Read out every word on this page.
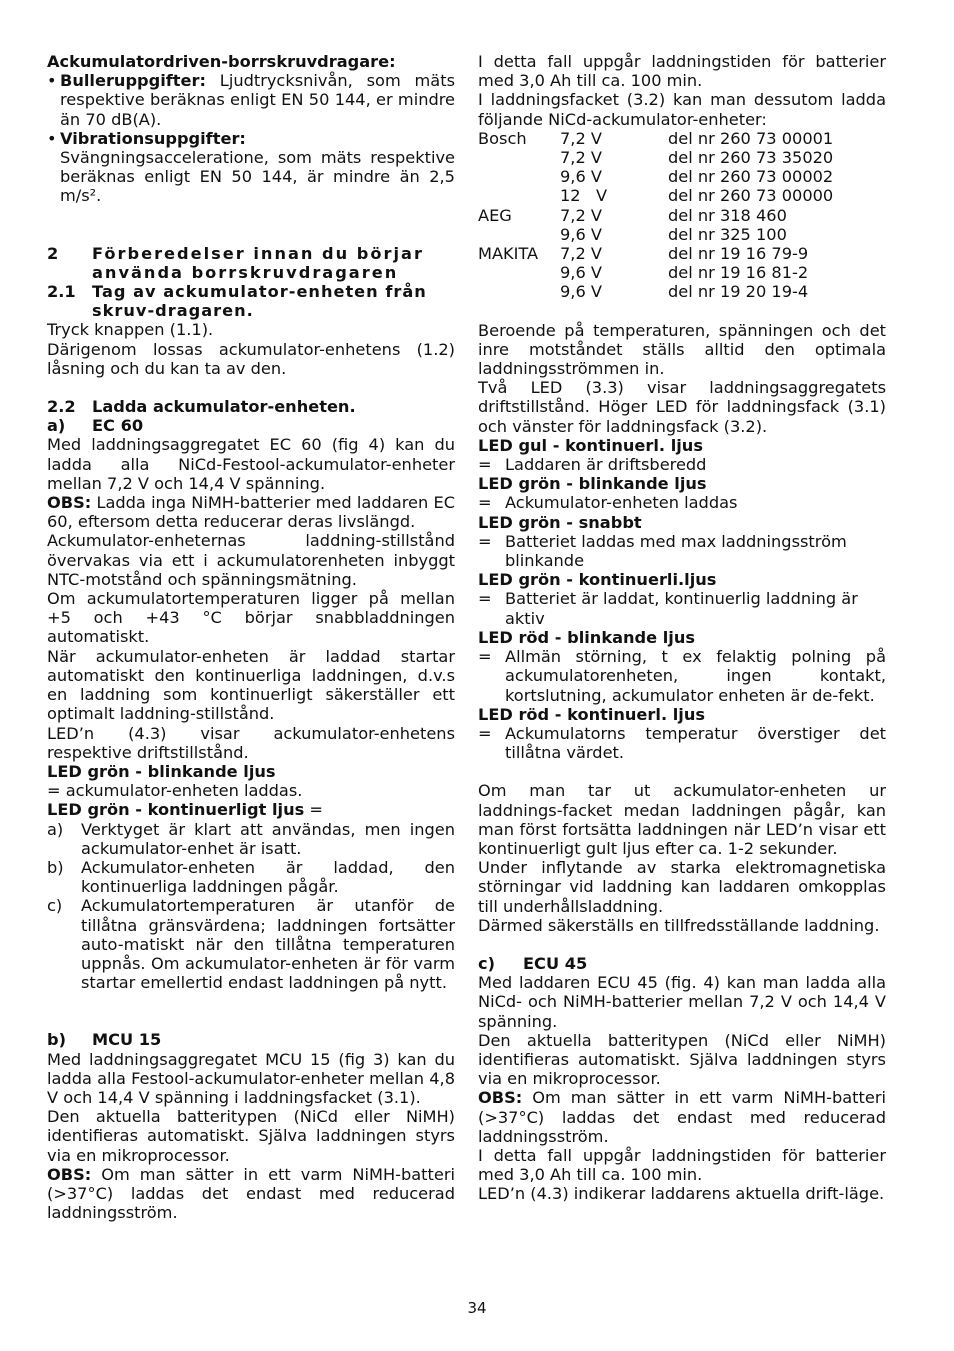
Ackumulatordriven-borrskruvdragare:

• Bulleruppgifter: Ljudtrycksnivån, som mäts respektive beräknas enligt EN 50 144, er mindre än 70 dB(A).

• Vibrationsuppgifter: Svängningsacceleratione, som mäts respektive beräknas enligt EN 50 144, är mindre än 2,5 m/s².

2	Förberedelser innan du börjar använda borrskruvdragaren
2.1	Tag av ackumulator-enheten från skruv-dragaren.

Tryck knappen (1.1).

Därigenom lossas ackumulator-enhetens (1.2) låsning och du kan ta av den.

2.2	Ladda ackumulator-enheten.
a)	EC 60

Med laddningsaggregatet EC 60 (fig 4) kan du ladda alla NiCd-Festool-ackumulator-enheter mellan 7,2 V och 14,4 V spänning.

OBS: Ladda inga NiMH-batterier med laddaren EC 60, eftersom detta reducerar deras livslängd.

Ackumulator-enheternas laddning-stillstånd övervakas via ett i ackumulatorenheten inbyggt NTC-motstånd och spänningsmätning.

Om ackumulatortemperaturen ligger på mellan +5 och +43 °C börjar snabbladdningen automatiskt.

När ackumulator-enheten är laddad startar automatiskt den kontinuerliga laddningen, d.v.s en laddning som kontinuerligt säkerställer ett optimalt laddning-stillstånd.

LED’n (4.3) visar ackumulator-enhetens respektive driftstillstånd.

LED grön - blinkande ljus

= ackumulator-enheten laddas.

LED grön - kontinuerligt ljus =

a)	Verktyget är klart att användas, men ingen ackumulator-enhet är isatt.
b)	Ackumulator-enheten är laddad, den kontinuerliga laddningen pågår.
c)	Ackumulatortemperaturen är utanför de tillåtna gränsvärdena; laddningen fortsätter auto-matiskt när den tillåtna temperaturen uppnås. Om ackumulator-enheten är för varm startar emellertid endast laddningen på nytt.
b)	MCU 15

Med laddningsaggregatet MCU 15 (fig 3) kan du ladda alla Festool-ackumulator-enheter mellan 4,8 V och 14,4 V spänning i laddningsfacket (3.1).

Den aktuella batteritypen (NiCd eller NiMH) identifieras automatiskt. Själva laddningen styrs via en mikroprocessor.

OBS: Om man sätter in ett varm NiMH-batteri (>37°C) laddas det endast med reducerad laddningsström.

I detta fall uppgår laddningstiden för batterier med 3,0 Ah till ca. 100 min.

I laddningsfacket (3.2) kan man dessutom ladda följande NiCd-ackumulator-enheter:

Bosch	7,2 V	del nr 260 73 00001
	7,2 V	del nr 260 73 35020
	9,6 V	del nr 260 73 00002
	12   V	del nr 260 73 00000
AEG	7,2 V	del nr 318 460
	9,6 V	del nr 325 100
MAKITA	7,2 V	del nr 19 16 79-9
	9,6 V	del nr 19 16 81-2
	9,6 V	del nr 19 20 19-4

Beroende på temperaturen, spänningen och det inre motståndet ställs alltid den optimala laddningsströmmen in.

Två LED (3.3) visar laddningsaggregatets driftstillstånd. Höger LED för laddningsfack (3.1) och vänster för laddningsfack (3.2).

LED gul - kontinuerl. ljus

= Laddaren är driftsberedd

LED grön - blinkande ljus

= Ackumulator-enheten laddas

LED grön - snabbt

= Batteriet laddas med max laddningsström blinkande

LED grön - kontinuerli.ljus

= Batteriet är laddat, kontinuerlig laddning är aktiv

LED röd - blinkande ljus

= Allmän störning, t ex felaktig polning på ackumulatorenheten, ingen kontakt, kortslutning, ackumulator enheten är de-fekt.

LED röd - kontinuerl. ljus

= Ackumulatorns temperatur överstiger det tillåtna värdet.

Om man tar ut ackumulator-enheten ur laddnings-facket medan laddningen pågår, kan man först fortsätta laddningen när LED’n visar ett kontinuerligt gult ljus efter ca. 1-2 sekunder.

Under inflytande av starka elektromagnetiska störningar vid laddning kan laddaren omkopplas till underhållsladdning.

Därmed säkerställs en tillfredsställande laddning.

c)	ECU 45

Med laddaren ECU 45 (fig. 4) kan man ladda alla NiCd- och NiMH-batterier mellan 7,2 V och 14,4 V spänning.

Den aktuella batteritypen (NiCd eller NiMH) identifieras automatiskt. Själva laddningen styrs via en mikroprocessor.

OBS: Om man sätter in ett varm NiMH-batteri (>37°C) laddas det endast med reducerad laddningsström.

I detta fall uppgår laddningstiden för batterier med 3,0 Ah till ca. 100 min.

LED’n (4.3) indikerar laddarens aktuella drift-läge.

34
